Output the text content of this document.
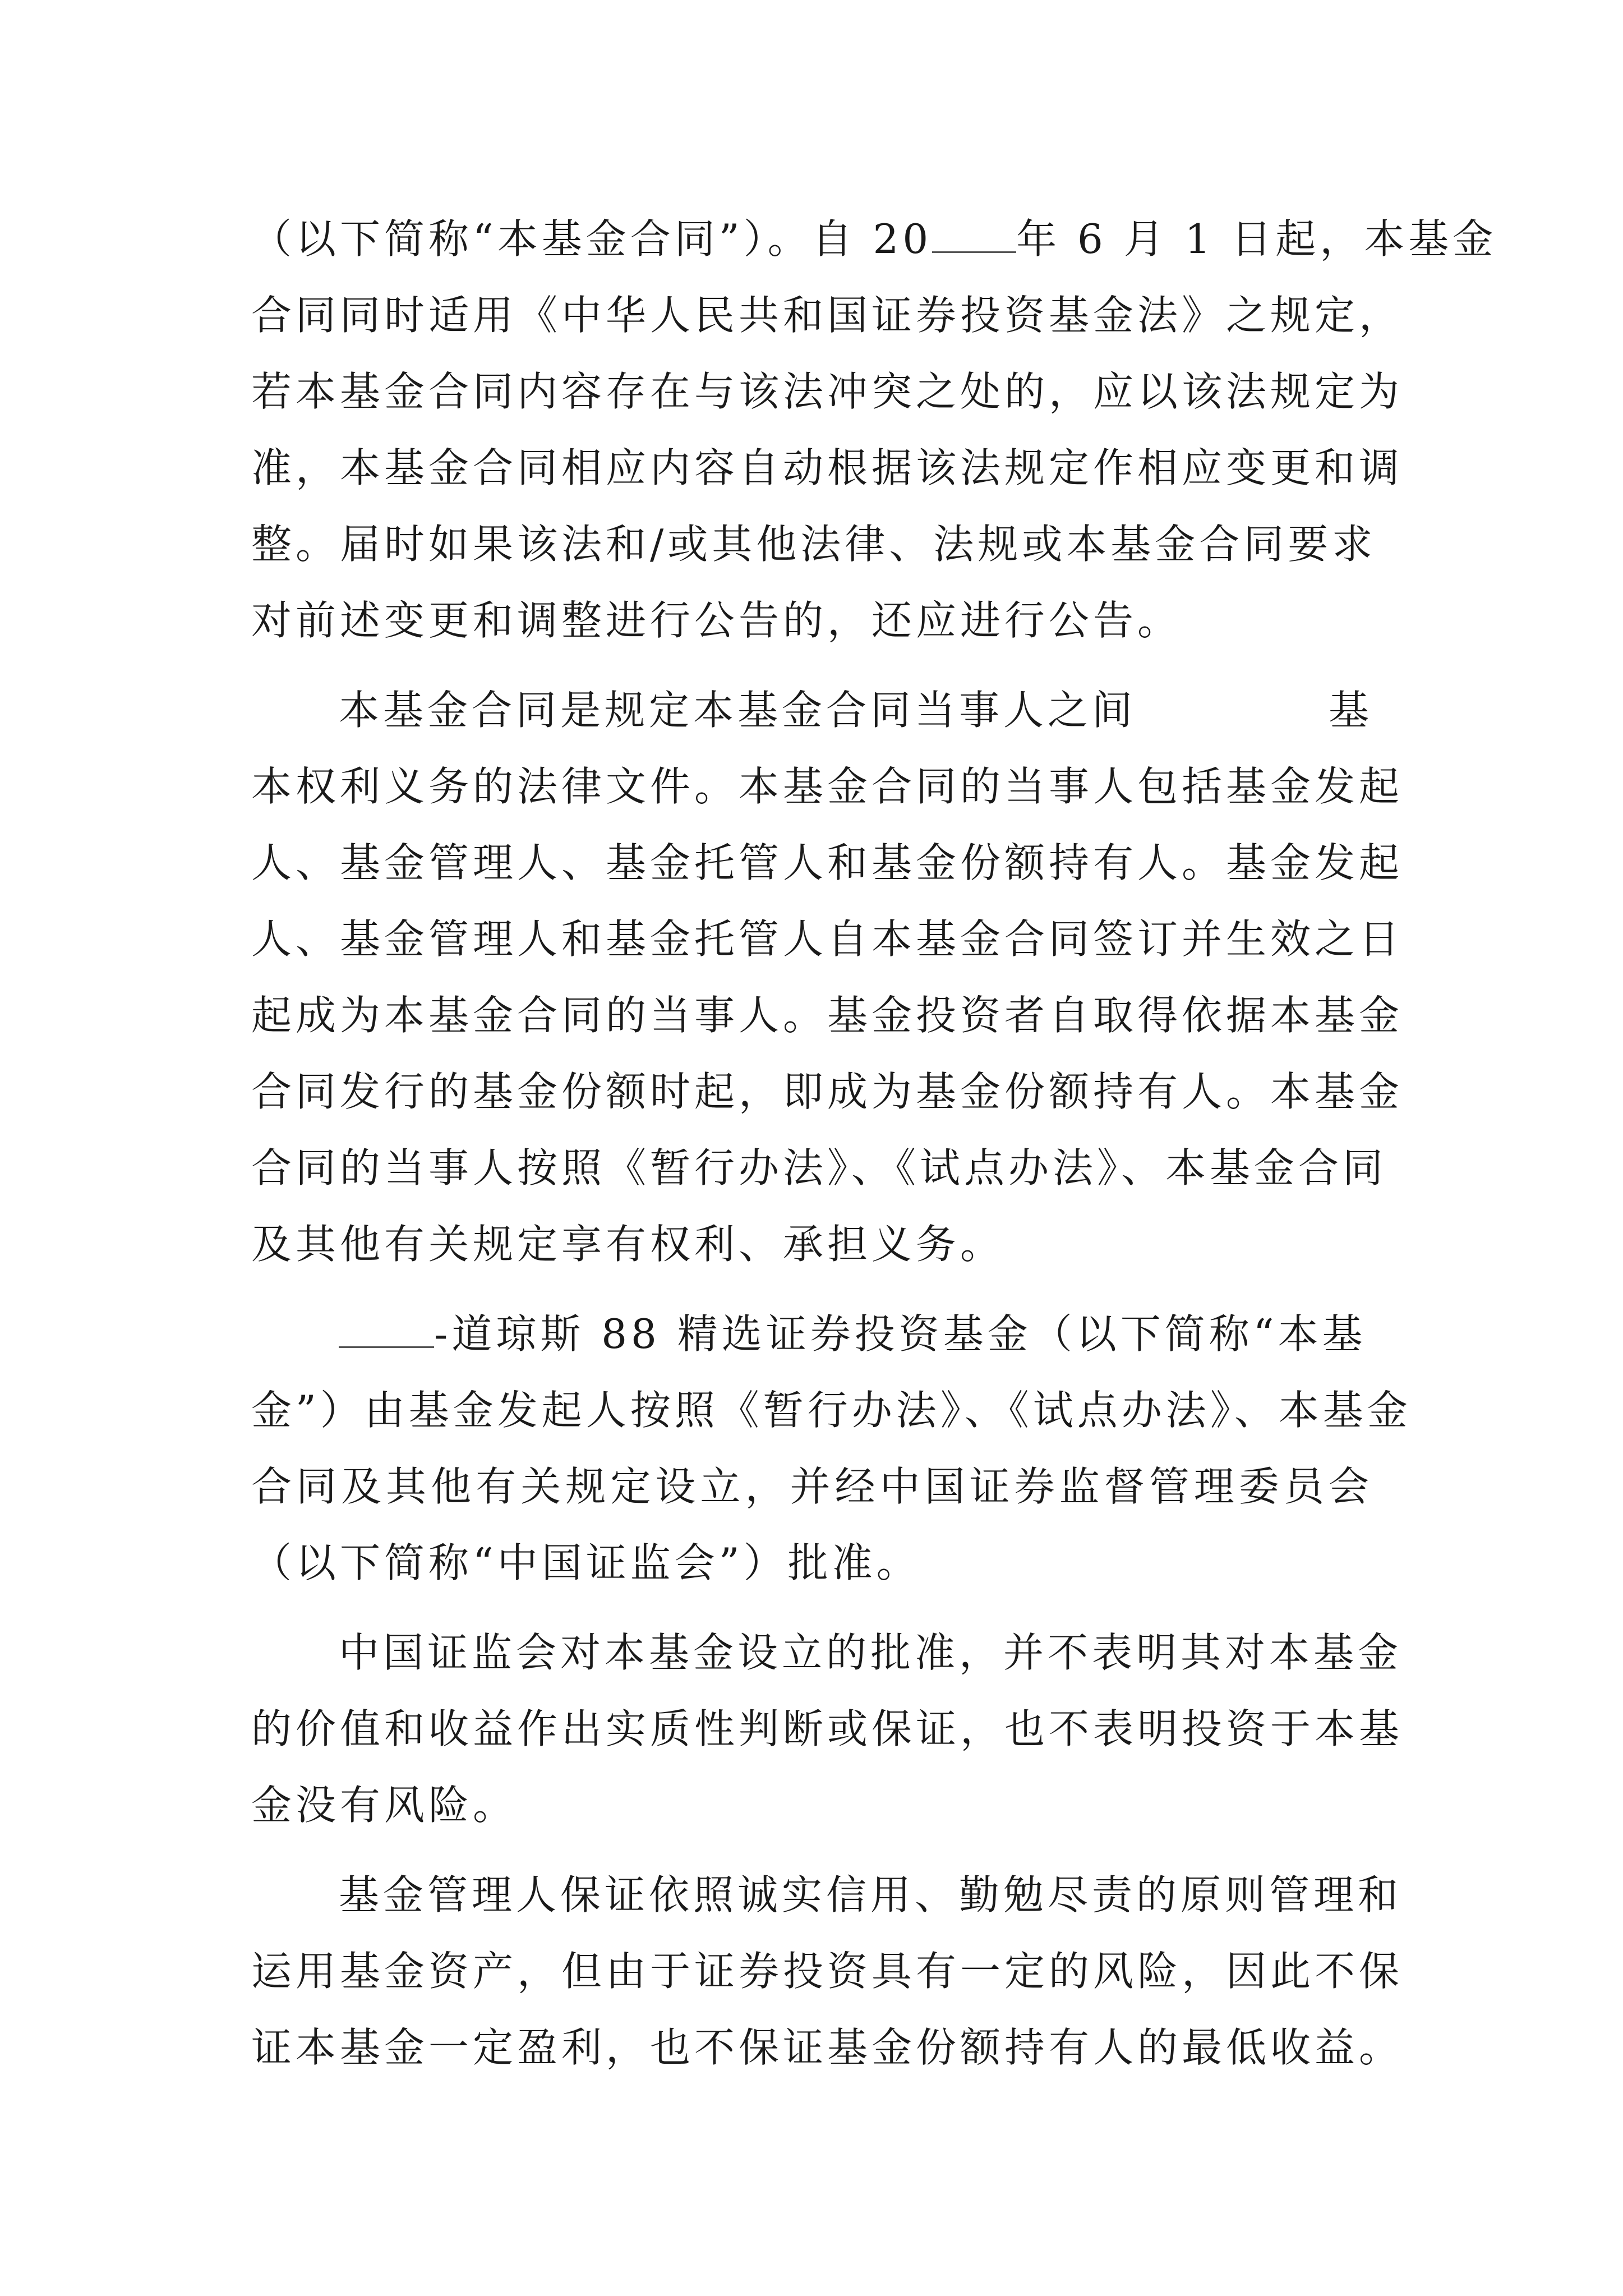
（以下简称“本基金合同”）。自 20 年 6 月 1 日起，本基金
合同同时适用《中华人民共和国证券投资基金法》之规定，
若本基金合同内容存在与该法冲突之处的，应以该法规定为
准，本基金合同相应内容自动根据该法规定作相应变更和调
整。届时如果该法和/或其他法律、法规或本基金合同要求
对前述变更和调整进行公告的，还应进行公告。
本基金合同是规定本基金合同当事人之间	基
本权利义务的法律文件。本基金合同的当事人包括基金发起
人、基金管理人、基金托管人和基金份额持有人。基金发起
人、基金管理人和基金托管人自本基金合同签订并生效之日
起成为本基金合同的当事人。基金投资者自取得依据本基金
合同发行的基金份额时起，即成为基金份额持有人。本基金
合同的当事人按照《暂行办法》、《试点办法》、本基金合同
及其他有关规定享有权利、承担义务。
-道琼斯 88 精选证券投资基金（以下简称“本基
金”）由基金发起人按照《暂行办法》、《试点办法》、本基金
合同及其他有关规定设立，并经中国证券监督管理委员会
（以下简称“中国证监会”）批准。
中国证监会对本基金设立的批准，并不表明其对本基金
的价值和收益作出实质性判断或保证，也不表明投资于本基
金没有风险。
基金管理人保证依照诚实信用、勤勉尽责的原则管理和
运用基金资产，但由于证券投资具有一定的风险，因此不保
证本基金一定盈利，也不保证基金份额持有人的最低收益。
